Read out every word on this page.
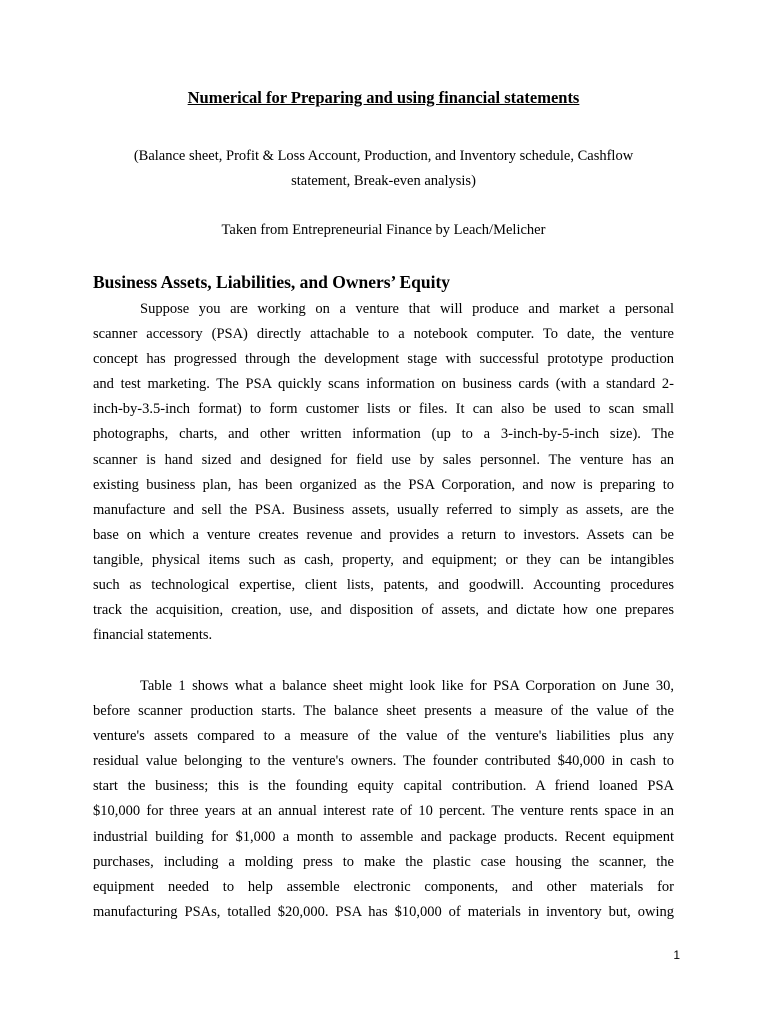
Numerical for Preparing and using financial statements
(Balance sheet, Profit & Loss Account, Production, and Inventory schedule, Cashflow
statement, Break-even analysis)
Taken from Entrepreneurial Finance by Leach/Melicher
Business Assets, Liabilities, and Owners’ Equity
Suppose you are working on a venture that will produce and market a personal
scanner accessory (PSA) directly attachable to a notebook computer. To date, the venture
concept has progressed through the development stage with successful prototype production
and test marketing. The PSA quickly scans information on business cards (with a standard 2-
inch-by-3.5-inch format) to form customer lists or files. It can also be used to scan small
photographs, charts, and other written information (up to a 3-inch-by-5-inch size). The
scanner is hand sized and designed for field use by sales personnel. The venture has an
existing business plan, has been organized as the PSA Corporation, and now is preparing to
manufacture and sell the PSA. Business assets, usually referred to simply as assets, are the
base on which a venture creates revenue and provides a return to investors. Assets can be
tangible, physical items such as cash, property, and equipment; or they can be intangibles
such as technological expertise, client lists, patents, and goodwill. Accounting procedures
track the acquisition, creation, use, and disposition of assets, and dictate how one prepares
financial statements.
Table 1 shows what a balance sheet might look like for PSA Corporation on June 30,
before scanner production starts. The balance sheet presents a measure of the value of the
venture's assets compared to a measure of the value of the venture's liabilities plus any
residual value belonging to the venture's owners. The founder contributed $40,000 in cash to
start the business; this is the founding equity capital contribution. A friend loaned PSA
$10,000 for three years at an annual interest rate of 10 percent. The venture rents space in an
industrial building for $1,000 a month to assemble and package products. Recent equipment
purchases, including a molding press to make the plastic case housing the scanner, the
equipment needed to help assemble electronic components, and other materials for
manufacturing PSAs, totalled $20,000. PSA has $10,000 of materials in inventory but, owing
1
